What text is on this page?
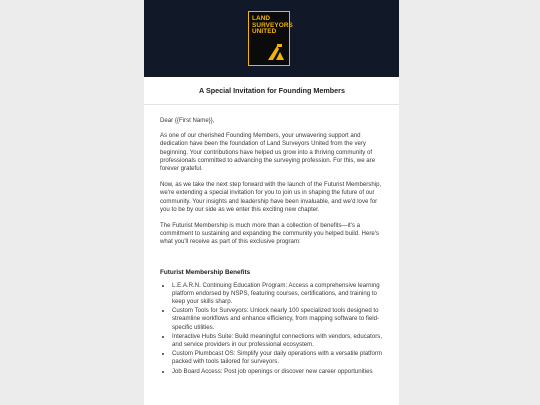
LAND
SURVEYORS
UNITED
A Special Invitation for Founding Members

Dear {{First Name}},

As one of our cherished Founding Members, your unwavering support and dedication have been the foundation of Land Surveyors United from the very beginning. Your contributions have helped us grow into a thriving community of professionals committed to advancing the surveying profession. For this, we are forever grateful.

Now, as we take the next step forward with the launch of the Futurist Membership, we're extending a special invitation for you to join us in shaping the future of our community. Your insights and leadership have been invaluable, and we'd love for you to be by our side as we enter this exciting new chapter.

The Futurist Membership is much more than a collection of benefits—it's a commitment to sustaining and expanding the community you helped build. Here's what you'll receive as part of this exclusive program:

Futurist Membership Benefits
• L.E.A.R.N. Continuing Education Program: Access a comprehensive learning platform endorsed by NSPS, featuring courses, certifications, and training to keep your skills sharp.
• Custom Tools for Surveyors: Unlock nearly 100 specialized tools designed to streamline workflows and enhance efficiency, from mapping software to field-specific utilities.
• Interactive Hubs Suite: Build meaningful connections with vendors, educators, and service providers in our professional ecosystem.
• Custom Plumbcast OS: Simplify your daily operations with a versatile platform packed with tools tailored for surveyors.
• Job Board Access: Post job openings or discover new career opportunities
